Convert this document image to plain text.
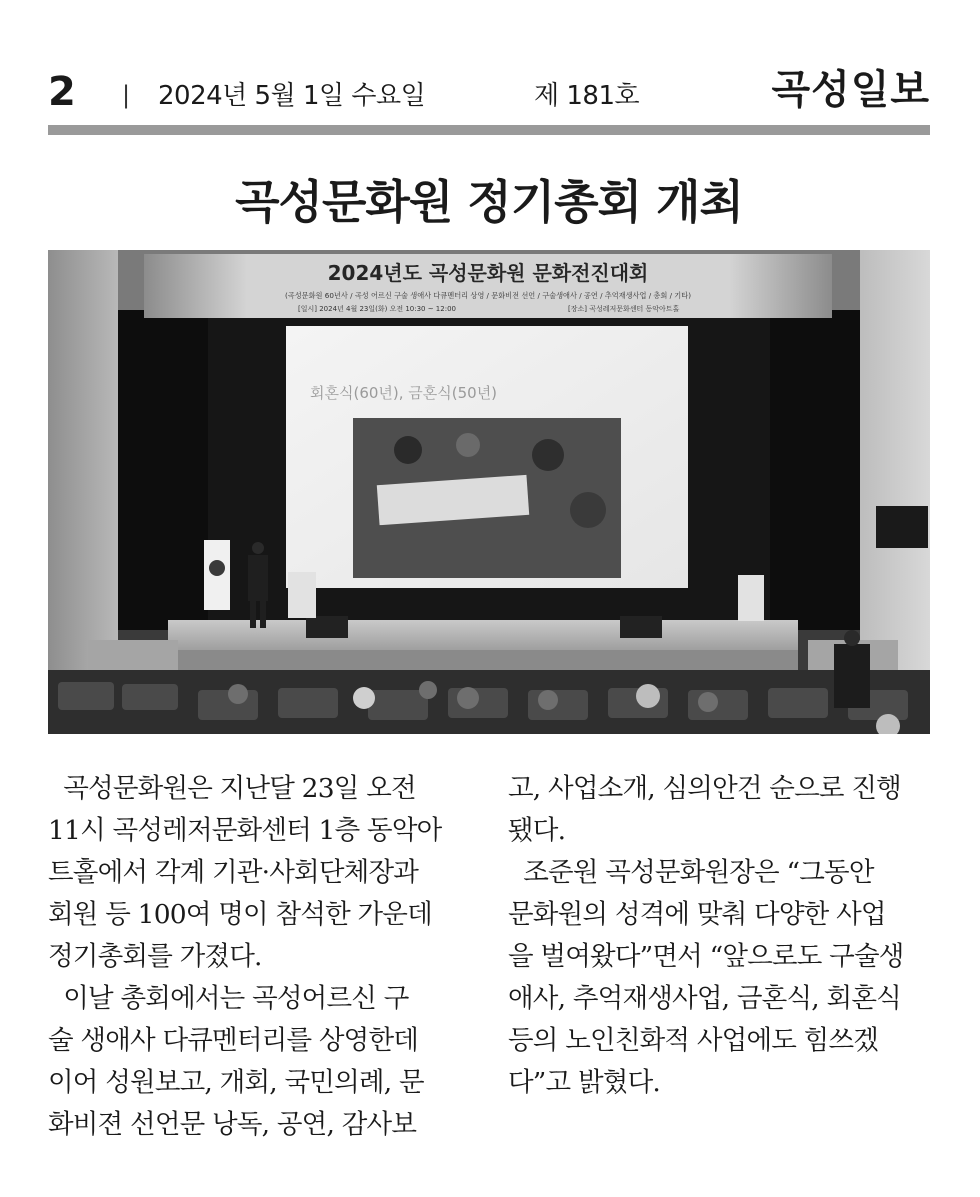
2 | 2024년 5월 1일 수요일	제 181호	곡성일보
곡성문화원 정기총회 개최
회혼식(60년), 금혼식(50년)
2024년도 곡성문화원 문화전진대회
(곡성문화원 60년사 / 곡성 어르신 구술 생애사 다큐멘터리 상영 / 문화비전 선언 / 구술생애사 / 공연 / 추억재생사업 / 총회 / 기타)
[일시] 2024년 4월 23일(화) 오전 10:30 ~ 12:00	[장소] 곡성레저문화센터 동악아트홀
곡성문화원은 지난달 23일 오전
11시 곡성레저문화센터 1층 동악아
트홀에서 각계 기관·사회단체장과
회원 등 100여 명이 참석한 가운데
정기총회를 가졌다.
이날 총회에서는 곡성어르신 구
술 생애사 다큐멘터리를 상영한데
이어 성원보고, 개회, 국민의례, 문
화비젼 선언문 낭독, 공연, 감사보
고, 사업소개, 심의안건 순으로 진행
됐다.
조준원 곡성문화원장은 “그동안
문화원의 성격에 맞춰 다양한 사업
을 벌여왔다”면서 “앞으로도 구술생
애사, 추억재생사업, 금혼식, 회혼식
등의 노인친화적 사업에도 힘쓰겠
다”고 밝혔다.
